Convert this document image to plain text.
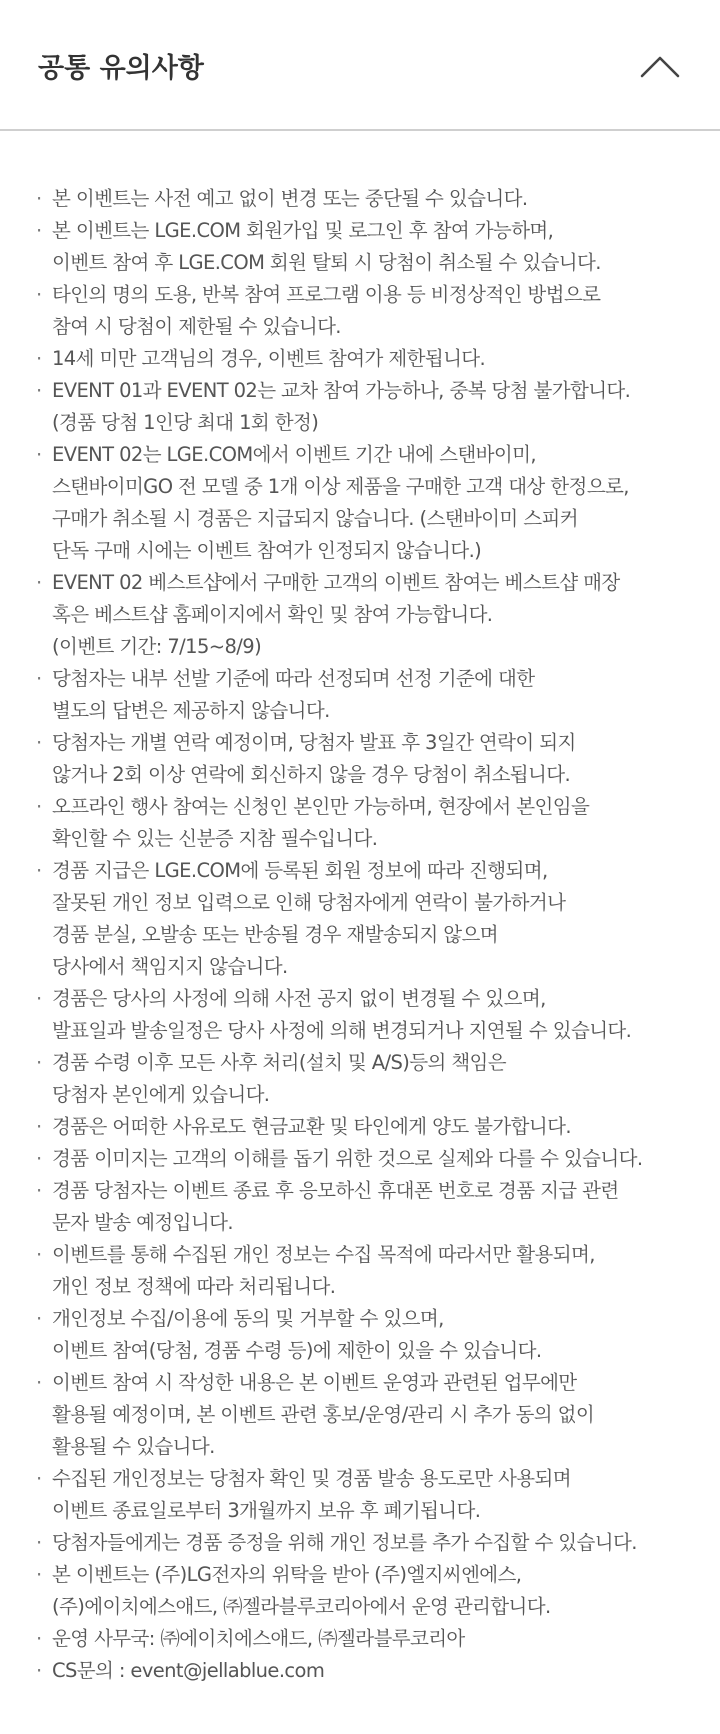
공통 유의사항
· 본 이벤트는 사전 예고 없이 변경 또는 중단될 수 있습니다.
· 본 이벤트는 LGE.COM 회원가입 및 로그인 후 참여 가능하며,
이벤트 참여 후 LGE.COM 회원 탈퇴 시 당첨이 취소될 수 있습니다.
· 타인의 명의 도용, 반복 참여 프로그램 이용 등 비정상적인 방법으로
참여 시 당첨이 제한될 수 있습니다.
· 14세 미만 고객님의 경우, 이벤트 참여가 제한됩니다.
· EVENT 01과 EVENT 02는 교차 참여 가능하나, 중복 당첨 불가합니다.
(경품 당첨 1인당 최대 1회 한정)
· EVENT 02는 LGE.COM에서 이벤트 기간 내에 스탠바이미,
스탠바이미GO 전 모델 중 1개 이상 제품을 구매한 고객 대상 한정으로,
구매가 취소될 시 경품은 지급되지 않습니다. (스탠바이미 스피커
단독 구매 시에는 이벤트 참여가 인정되지 않습니다.)
· EVENT 02 베스트샵에서 구매한 고객의 이벤트 참여는 베스트샵 매장
혹은 베스트샵 홈페이지에서 확인 및 참여 가능합니다.
(이벤트 기간: 7/15~8/9)
· 당첨자는 내부 선발 기준에 따라 선정되며 선정 기준에 대한
별도의 답변은 제공하지 않습니다.
· 당첨자는 개별 연락 예정이며, 당첨자 발표 후 3일간 연락이 되지
않거나 2회 이상 연락에 회신하지 않을 경우 당첨이 취소됩니다.
· 오프라인 행사 참여는 신청인 본인만 가능하며, 현장에서 본인임을
확인할 수 있는 신분증 지참 필수입니다.
· 경품 지급은 LGE.COM에 등록된 회원 정보에 따라 진행되며,
잘못된 개인 정보 입력으로 인해 당첨자에게 연락이 불가하거나
경품 분실, 오발송 또는 반송될 경우 재발송되지 않으며
당사에서 책임지지 않습니다.
· 경품은 당사의 사정에 의해 사전 공지 없이 변경될 수 있으며,
발표일과 발송일정은 당사 사정에 의해 변경되거나 지연될 수 있습니다.
· 경품 수령 이후 모든 사후 처리(설치 및 A/S)등의 책임은
당첨자 본인에게 있습니다.
· 경품은 어떠한 사유로도 현금교환 및 타인에게 양도 불가합니다.
· 경품 이미지는 고객의 이해를 돕기 위한 것으로 실제와 다를 수 있습니다.
· 경품 당첨자는 이벤트 종료 후 응모하신 휴대폰 번호로 경품 지급 관련
문자 발송 예정입니다.
· 이벤트를 통해 수집된 개인 정보는 수집 목적에 따라서만 활용되며,
개인 정보 정책에 따라 처리됩니다.
· 개인정보 수집/이용에 동의 및 거부할 수 있으며,
이벤트 참여(당첨, 경품 수령 등)에 제한이 있을 수 있습니다.
· 이벤트 참여 시 작성한 내용은 본 이벤트 운영과 관련된 업무에만
활용될 예정이며, 본 이벤트 관련 홍보/운영/관리 시 추가 동의 없이
활용될 수 있습니다.
· 수집된 개인정보는 당첨자 확인 및 경품 발송 용도로만 사용되며
이벤트 종료일로부터 3개월까지 보유 후 폐기됩니다.
· 당첨자들에게는 경품 증정을 위해 개인 정보를 추가 수집할 수 있습니다.
· 본 이벤트는 (주)LG전자의 위탁을 받아 (주)엘지씨엔에스,
(주)에이치에스애드, ㈜젤라블루코리아에서 운영 관리합니다.
· 운영 사무국: ㈜에이치에스애드, ㈜젤라블루코리아
· CS문의 : event@jellablue.com
